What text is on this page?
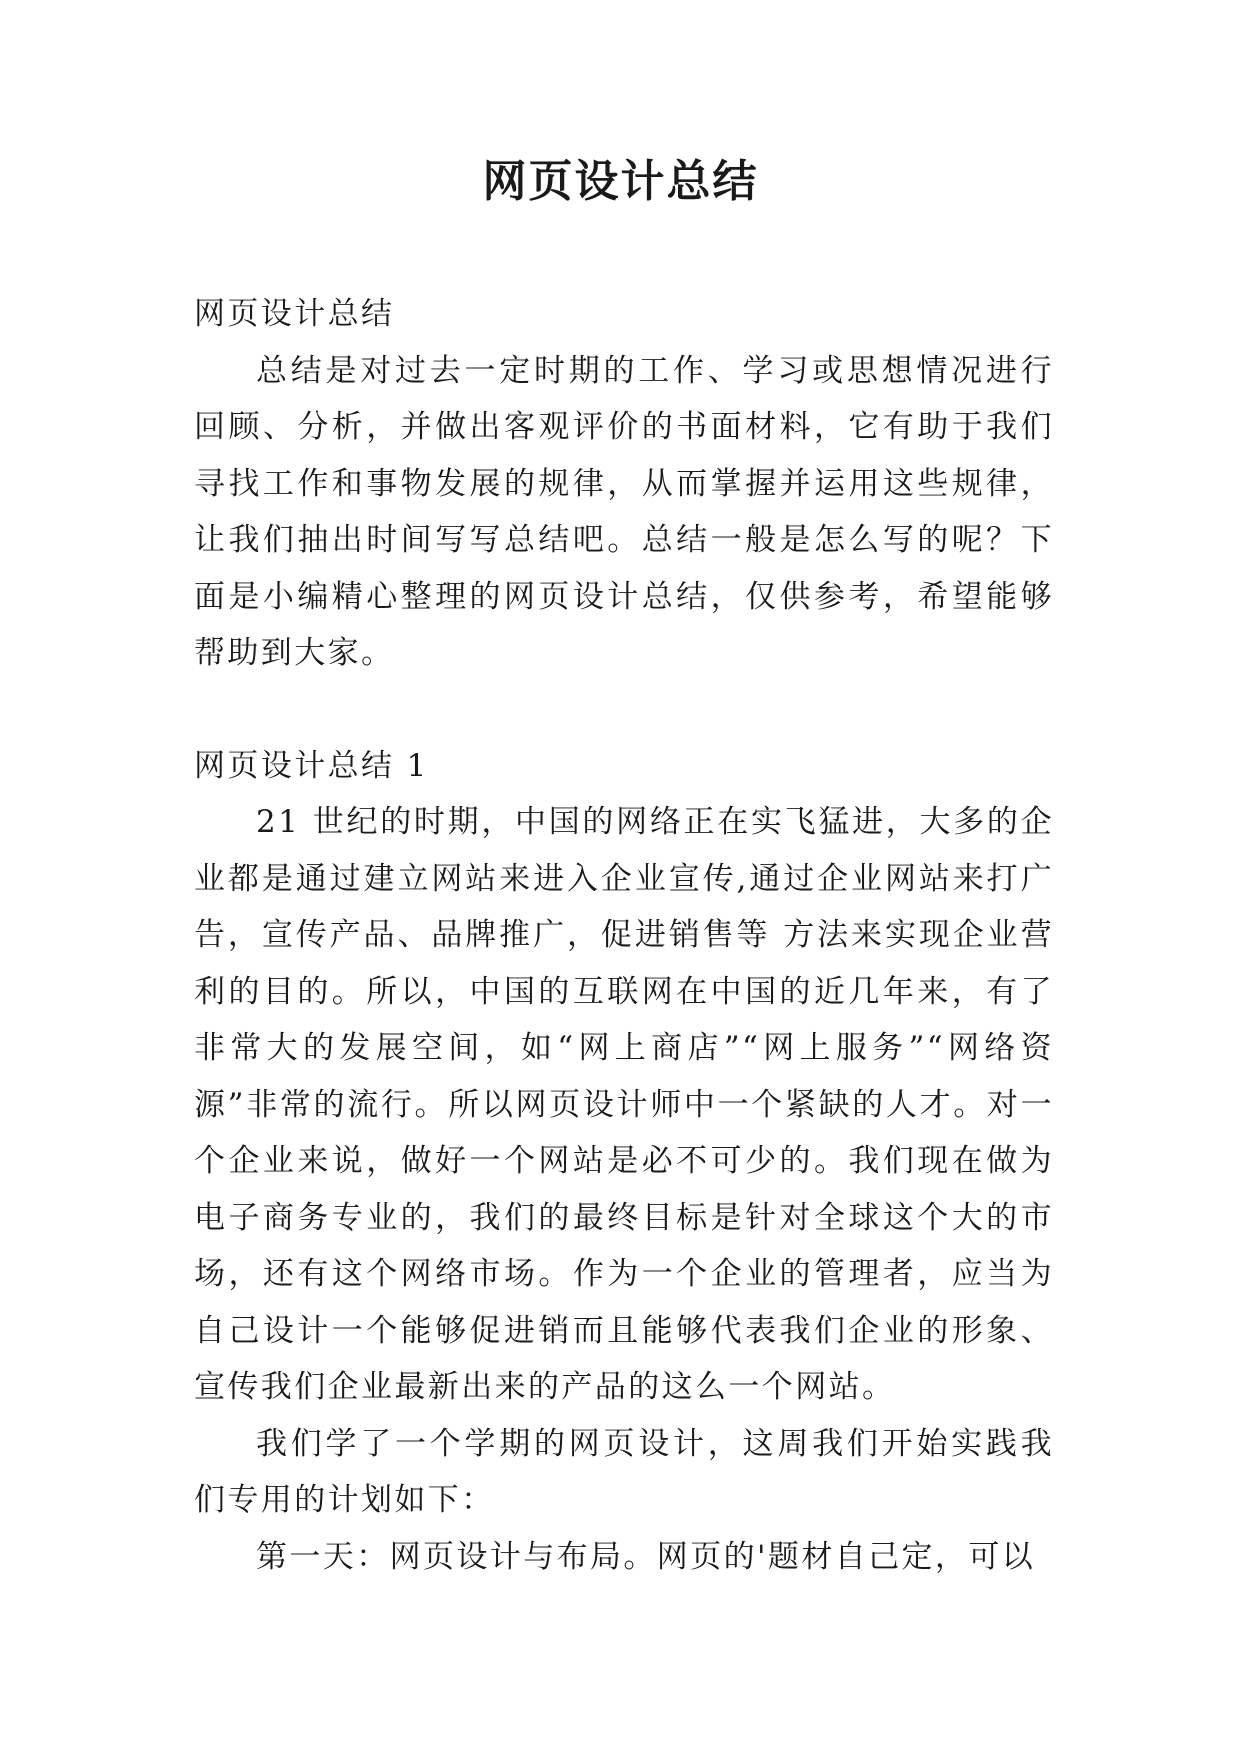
网页设计总结

网页设计总结

总结是对过去一定时期的工作、学习或思想情况进行回顾、分析，并做出客观评价的书面材料，它有助于我们寻找工作和事物发展的规律，从而掌握并运用这些规律，让我们抽出时间写写总结吧。总结一般是怎么写的呢？下面是小编精心整理的网页设计总结，仅供参考，希望能够帮助到大家。

网页设计总结 1

21 世纪的时期，中国的网络正在实飞猛进，大多的企业都是通过建立网站来进入企业宣传,通过企业网站来打广告，宣传产品、品牌推广，促进销售等 方法来实现企业营利的目的。所以，中国的互联网在中国的近几年来，有了非常大的发展空间，如“网上商店”“网上服务”“网络资源”非常的流行。所以网页设计师中一个紧缺的人才。对一个企业来说，做好一个网站是必不可少的。我们现在做为电子商务专业的，我们的最终目标是针对全球这个大的市场，还有这个网络市场。作为一个企业的管理者，应当为自己设计一个能够促进销而且能够代表我们企业的形象、宣传我们企业最新出来的产品的这么一个网站。

我们学了一个学期的网页设计，这周我们开始实践我们专用的计划如下：

第一天：网页设计与布局。网页的'题材自己定，可以
